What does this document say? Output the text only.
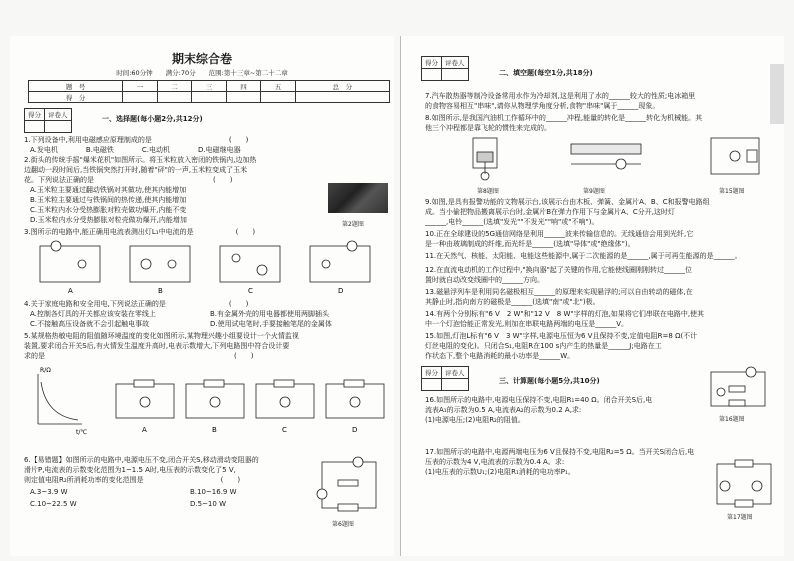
期末综合卷
时间:60分钟　　满分:70分　　范围:第十三章~第二十二章
题　号	一	二	三	四	五	总　分
得　分						
得分	评卷人
		一、选择题(每小题2分,共12分)
1.下列设备中,利用电磁感应原理制成的是　　　　　　　　　　　(　　)
A.发电机　　　　B.电磁铁　　　　C.电动机　　　　D.电磁继电器
2.街头的传统手摇"爆米花机"如图所示。将玉米粒放入密闭的铁锅内,边加热
边翻动一段时间后,当铁锅突然打开时,随着"砰"的一声,玉米粒变成了玉米
花。下列说法正确的是　　　　　　　　　　　　　　　　　(　　)
A.玉米粒主要通过翻动铁锅对其做功,使其内能增加
B.玉米粒主要通过与铁锅间的热传递,使其内能增加
C.玉米粒内水分受热膨胀对粒壳做功爆开,内能不变
D.玉米粒内水分受热膨胀对粒壳做功爆开,内能增加
第2题图
3.图所示的电路中,能正确用电流表测出灯L₁中电流的是　　　　　　(　　)
A	B	C	D
4.关于家庭电路和安全用电,下列说法正确的是　　　　　　　　　(　　)
A.控制各灯具的开关都应该安装在零线上	B.有金属外壳的用电器都使用两脚插头
C.不接触高压设备就不会引起触电事故	D.使用试电笔时,手要接触笔尾的金属体
5.某规格热敏电阻的阻值随环境温度的变化如图所示,某物理兴趣小组要设计一个火情监视
装置,要求闭合开关S后,有火情发生温度升高时,电表示数增大,下列电路图中符合设计要
求的是　　　　　　　　　　　　　　　　　　　　　　　　　　　(　　)
R/Ω
t/℃	A	B	C	D
6.【易错题】如图所示的电路中,电源电压不变,闭合开关S,移动滑动变阻器的
滑片P,电流表的示数变化范围为1~1.5 A时,电压表的示数变化了5 V,
则定值电阻R₂所消耗功率的变化范围是　　　　　　　　　　　(　　)
A.3~3.9 W	B.10~16.9 W
C.10~22.5 W	D.5~10 W
第6题图
得分	评卷人

二、填空题(每空1分,共18分)
7.汽车散热器等制冷设备常用水作为冷却剂,这是利用了水的______较大的性质;电冰箱里
的食物容易相互"串味",请你从物理学角度分析,食物"串味"属于______现象。
8.如图所示,是我国汽油机工作循环中的______冲程,能量的转化是______转化为机械能。其
他三个冲程都是靠飞轮的惯性来完成的。
第8题图	第9题图	第15题图
9.如图,是具有报警功能的文物展示台,该展示台由木板、弹簧、金属片A、B、C和报警电路组
成。当小偷把物品搬离展示台时,金属片B在弹力作用下与金属片A、C分开,这时灯
______,电铃______(选填"发光""不发光""响"或"不响")。
10.正在全球建设的5G通信网络是利用______波来传输信息的。无线通信会用到光纤,它
是一种由玻璃制成的纤维,而光纤是______(选填"导体"或"绝缘体")。
11.在天然气、核能、太阳能、电能这些能源中,属于二次能源的是______,属于可再生能源的是______。
12.在直流电动机的工作过程中,"换向器"起了关键的作用,它能使线圈刚刚转过______位
置时就自动改变线圈中的______方向。
13.磁悬浮列车是利用同名磁极相互______的原理来实现悬浮的;可以自由转动的磁体,在
其静止时,指向南方的磁极是______(选填"南"或"北")极。
14.有两个分别标有"6 V　2 W"和"12 V　8 W"字样的灯泡,如果将它们串联在电路中,使其
中一个灯泡恰能正常发光,则加在串联电路两端的电压是______V。
15.如图,灯泡L标有"6 V　3 W"字样,电源电压恒为6 V且保持不变,定值电阻R=8 Ω(不计
灯丝电阻的变化)。只闭合S₁,电阻R在100 s内产生的热量是______J;电路在工
作状态下,整个电路消耗的最小功率是______W。
得分	评卷人

三、计算题(每小题5分,共10分)
第16题图
16.如图所示的电路中,电源电压保持不变,电阻R₁=40 Ω。闭合开关S后,电
流表A₁的示数为0.5 A,电流表A₂的示数为0.2 A,求:
(1)电源电压;(2)电阻R₂的阻值。
17.如图所示的电路中,电源两端电压为6 V且保持不变,电阻R₂=5 Ω。当开关S闭合后,电
压表的示数为4 V,电流表的示数为0.4 A。求:
(1)电压表的示数U₁;(2)电阻R₁消耗的电功率P₁。
第17题图
